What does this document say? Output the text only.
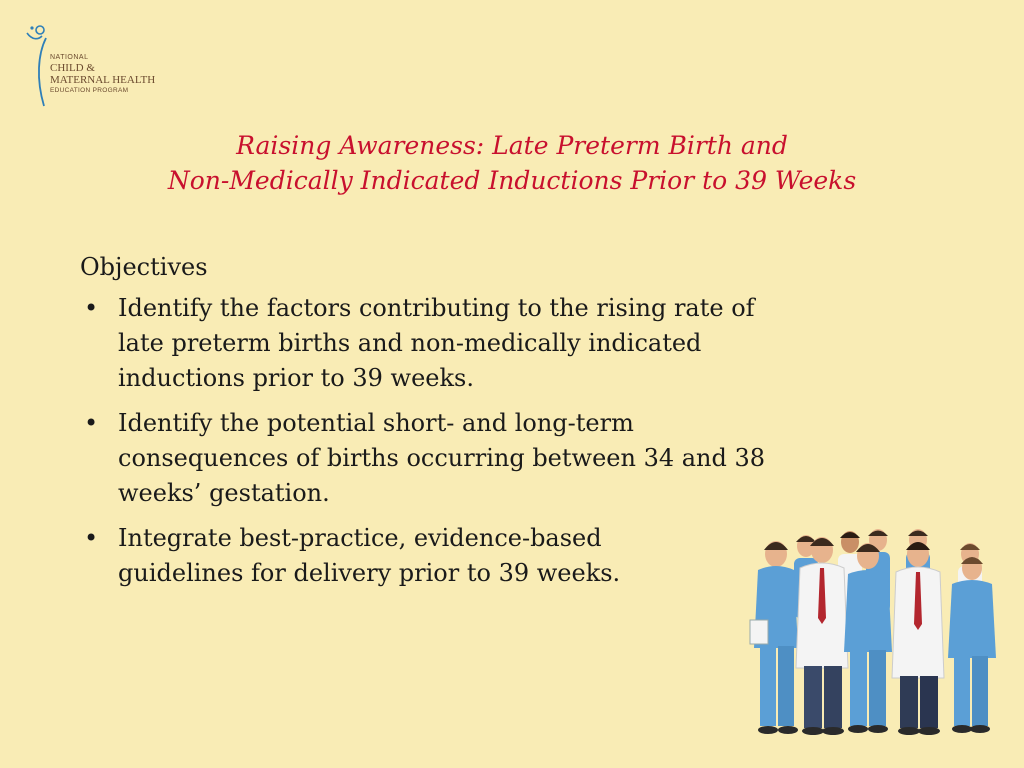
NATIONAL
CHILD &
MATERNAL HEALTH
EDUCATION PROGRAM
Raising Awareness: Late Preterm Birth and
Non-Medically Indicated Inductions Prior to 39 Weeks
Objectives
• Identify the factors contributing to the rising rate of
late preterm births and non-medically indicated
inductions prior to 39 weeks.
• Identify the potential short- and long-term
consequences of births occurring between 34 and 38
weeks’ gestation.
• Integrate best-practice, evidence-based
guidelines for delivery prior to 39 weeks.
